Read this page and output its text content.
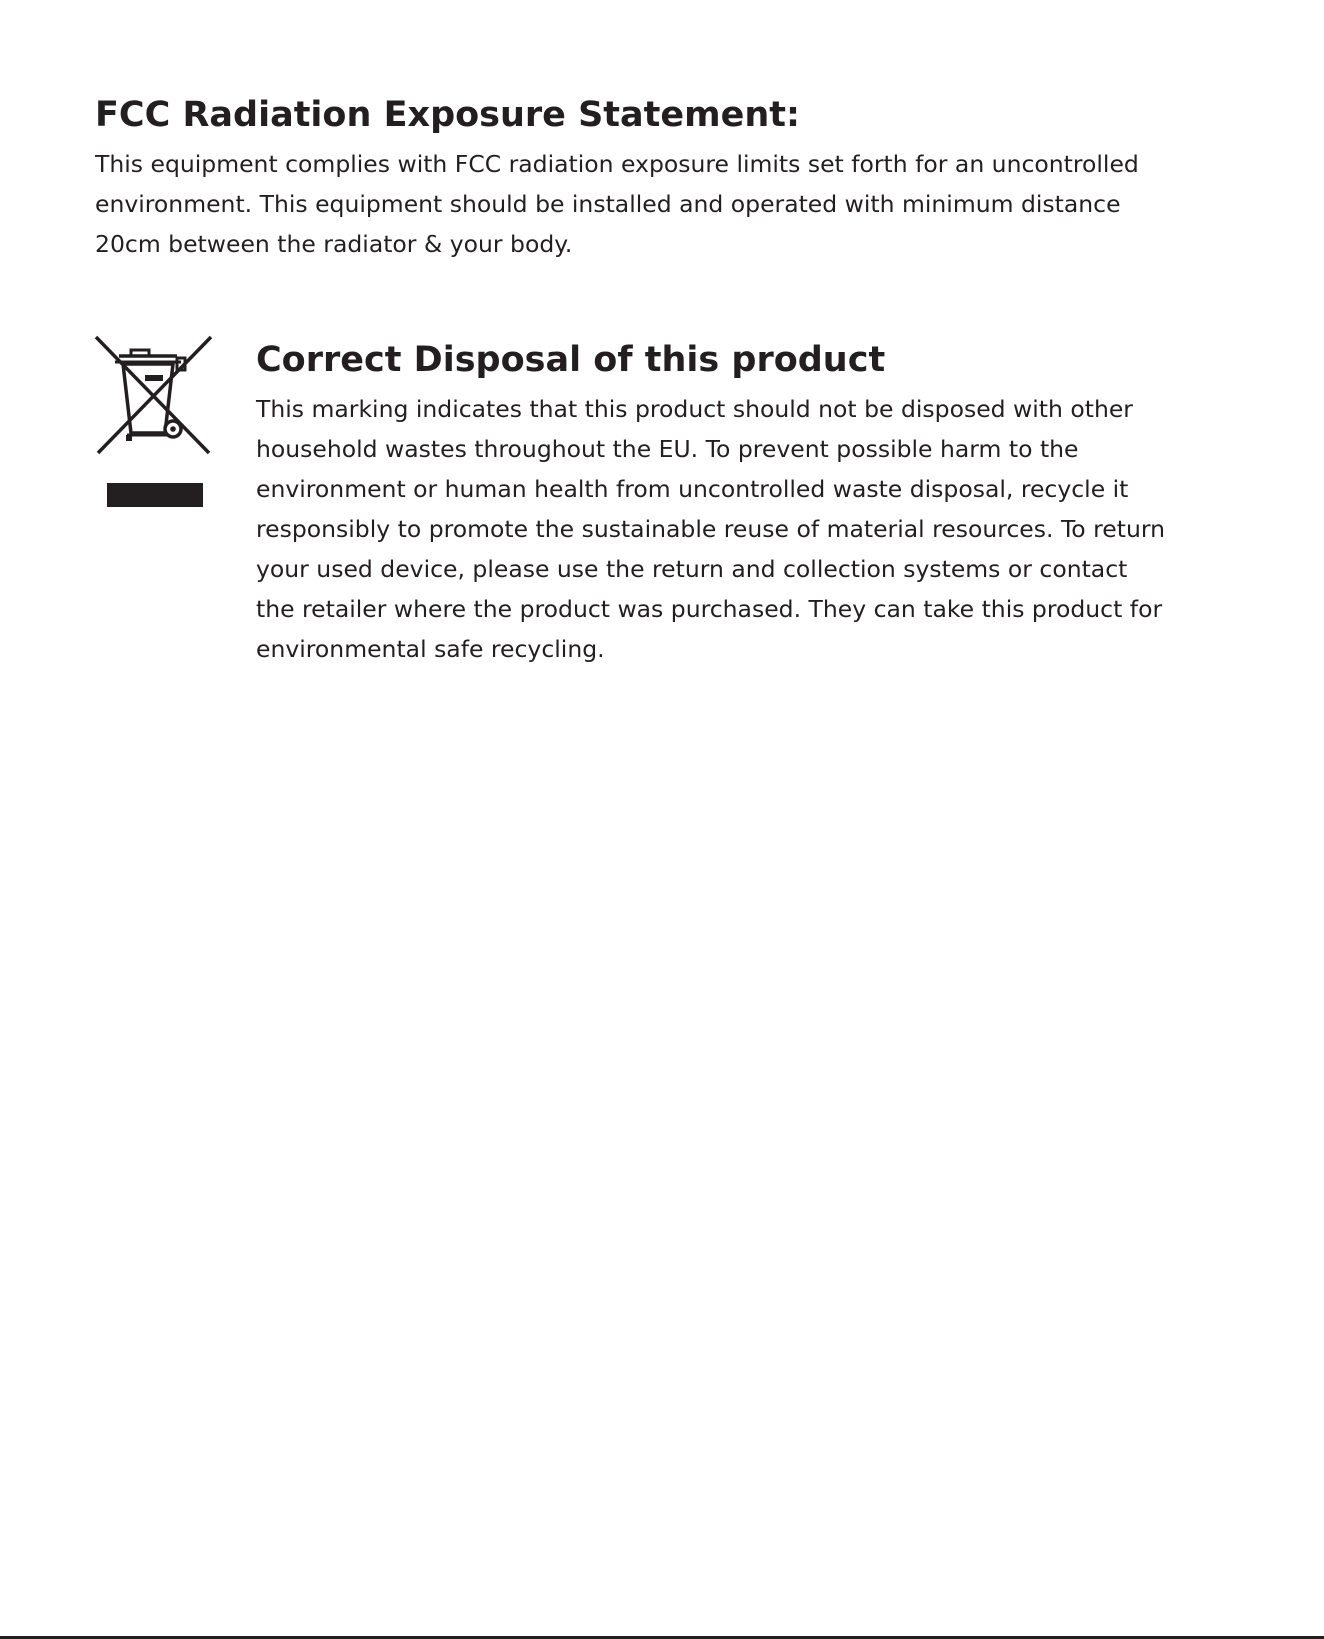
FCC Radiation Exposure Statement:
This equipment complies with FCC radiation exposure limits set forth for an uncontrolled
environment. This equipment should be installed and operated with minimum distance
20cm between the radiator & your body.
Correct Disposal of this product
This marking indicates that this product should not be disposed with other
household wastes throughout the EU. To prevent possible harm to the
environment or human health from uncontrolled waste disposal, recycle it
responsibly to promote the sustainable reuse of material resources. To return
your used device, please use the return and collection systems or contact
the retailer where the product was purchased. They can take this product for
environmental safe recycling.
